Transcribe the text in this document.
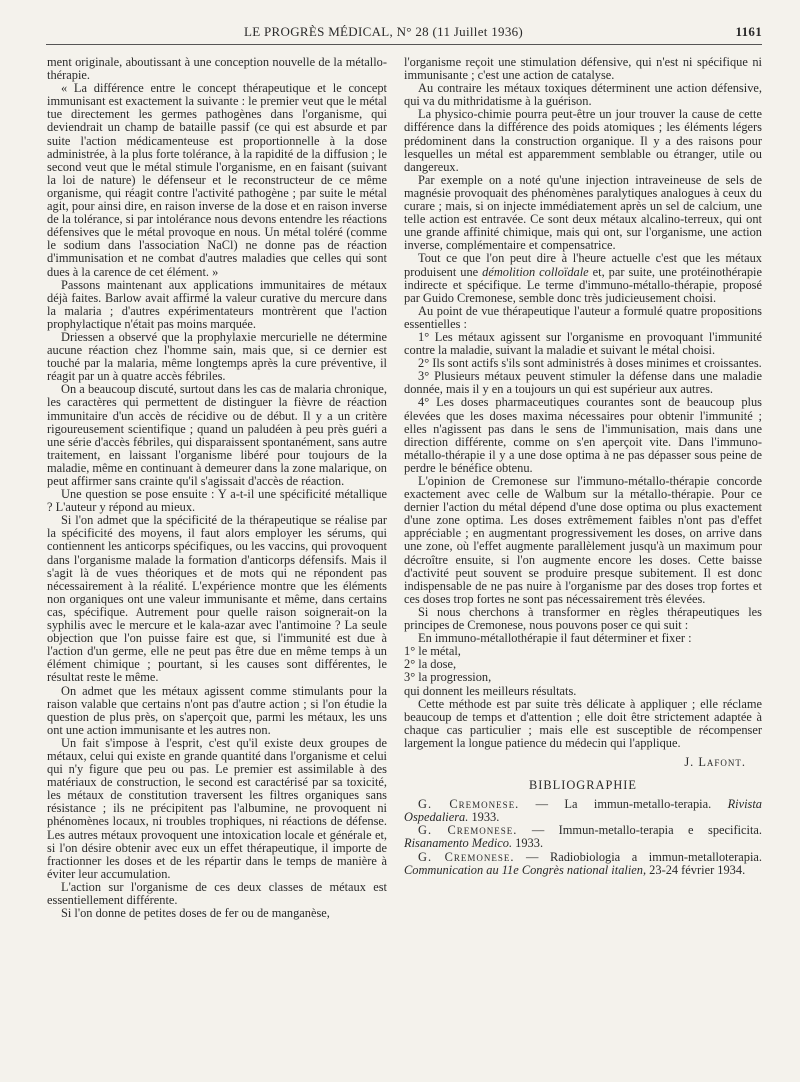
LE PROGRÈS MÉDICAL, N° 28 (11 Juillet 1936)	1161

ment originale, aboutissant à une conception nouvelle de la métallo-thérapie.

« La différence entre le concept thérapeutique et le concept immunisant est exactement la suivante : le premier veut que le métal tue directement les germes pathogènes dans l'organisme, qui deviendrait un champ de bataille passif (ce qui est absurde et par suite l'action médicamenteuse est proportionnelle à la dose administrée, à la plus forte tolérance, à la rapidité de la diffusion ; le second veut que le métal stimule l'organisme, en en faisant (suivant la loi de nature) le défenseur et le reconstructeur de ce même organisme, qui réagit contre l'activité pathogène ; par suite le métal agit, pour ainsi dire, en raison inverse de la dose et en raison inverse de la tolérance, si par intolérance nous devons entendre les réactions défensives que le métal provoque en nous. Un métal toléré (comme le sodium dans l'association NaCl) ne donne pas de réaction d'immunisation et ne combat d'autres maladies que celles qui sont dues à la carence de cet élément. »

Passons maintenant aux applications immunitaires de métaux déjà faites. Barlow avait affirmé la valeur curative du mercure dans la malaria ; d'autres expérimentateurs montrèrent que l'action prophylactique n'était pas moins marquée.

Driessen a observé que la prophylaxie mercurielle ne détermine aucune réaction chez l'homme sain, mais que, si ce dernier est touché par la malaria, même longtemps après la cure préventive, il réagit par un à quatre accès fébriles.

On a beaucoup discuté, surtout dans les cas de malaria chronique, les caractères qui permettent de distinguer la fièvre de réaction immunitaire d'un accès de récidive ou de début. Il y a un critère rigoureusement scientifique ; quand un paludéen à peu près guéri a une série d'accès fébriles, qui disparaissent spontanément, sans autre traitement, en laissant l'organisme libéré pour toujours de la maladie, même en continuant à demeurer dans la zone malarique, on peut affirmer sans crainte qu'il s'agissait d'accès de réaction.

Une question se pose ensuite : Y a-t-il une spécificité métallique ? L'auteur y répond au mieux.

Si l'on admet que la spécificité de la thérapeutique se réalise par la spécificité des moyens, il faut alors employer les sérums, qui contiennent les anticorps spécifiques, ou les vaccins, qui provoquent dans l'organisme malade la formation d'anticorps défensifs. Mais il s'agit là de vues théoriques et de mots qui ne répondent pas nécessairement à la réalité. L'expérience montre que les éléments non organiques ont une valeur immunisante et même, dans certains cas, spécifique. Autrement pour quelle raison soignerait-on la syphilis avec le mercure et le kala-azar avec l'antimoine ? La seule objection que l'on puisse faire est que, si l'immunité est due à l'action d'un germe, elle ne peut pas être due en même temps à un élément chimique ; pourtant, si les causes sont différentes, le résultat reste le même.

On admet que les métaux agissent comme stimulants pour la raison valable que certains n'ont pas d'autre action ; si l'on étudie la question de plus près, on s'aperçoit que, parmi les métaux, les uns ont une action immunisante et les autres non.

Un fait s'impose à l'esprit, c'est qu'il existe deux groupes de métaux, celui qui existe en grande quantité dans l'organisme et celui qui n'y figure que peu ou pas. Le premier est assimilable à des matériaux de construction, le second est caractérisé par sa toxicité, les métaux de constitution traversent les filtres organiques sans résistance ; ils ne précipitent pas l'albumine, ne provoquent ni phénomènes locaux, ni troubles trophiques, ni réactions de défense. Les autres métaux provoquent une intoxication locale et générale et, si l'on désire obtenir avec eux un effet thérapeutique, il importe de fractionner les doses et de les répartir dans le temps de manière à éviter leur accumulation.

L'action sur l'organisme de ces deux classes de métaux est essentiellement différente.

Si l'on donne de petites doses de fer ou de manganèse,

l'organisme reçoit une stimulation défensive, qui n'est ni spécifique ni immunisante ; c'est une action de catalyse.

Au contraire les métaux toxiques déterminent une action défensive, qui va du mithridatisme à la guérison.

La physico-chimie pourra peut-être un jour trouver la cause de cette différence dans la différence des poids atomiques ; les éléments légers prédominent dans la construction organique. Il y a des raisons pour lesquelles un métal est apparemment semblable ou étranger, utile ou dangereux.

Par exemple on a noté qu'une injection intraveineuse de sels de magnésie provoquait des phénomènes paralytiques analogues à ceux du curare ; mais, si on injecte immédiatement après un sel de calcium, une telle action est entravée. Ce sont deux métaux alcalino-terreux, qui ont une grande affinité chimique, mais qui ont, sur l'organisme, une action inverse, complémentaire et compensatrice.

Tout ce que l'on peut dire à l'heure actuelle c'est que les métaux produisent une démolition colloïdale et, par suite, une protéinothérapie indirecte et spécifique. Le terme d'immuno-métallo-thérapie, proposé par Guido Cremonese, semble donc très judicieusement choisi.

Au point de vue thérapeutique l'auteur a formulé quatre propositions essentielles :

1° Les métaux agissent sur l'organisme en provoquant l'immunité contre la maladie, suivant la maladie et suivant le métal choisi.

2° Ils sont actifs s'ils sont administrés à doses minimes et croissantes.

3° Plusieurs métaux peuvent stimuler la défense dans une maladie donnée, mais il y en a toujours un qui est supérieur aux autres.

4° Les doses pharmaceutiques courantes sont de beaucoup plus élevées que les doses maxima nécessaires pour obtenir l'immunité ; elles n'agissent pas dans le sens de l'immunisation, mais dans une direction différente, comme on s'en aperçoit vite. Dans l'immuno-métallo-thérapie il y a une dose optima à ne pas dépasser sous peine de perdre le bénéfice obtenu.

L'opinion de Cremonese sur l'immuno-métallo-thérapie concorde exactement avec celle de Walbum sur la métallo-thérapie. Pour ce dernier l'action du métal dépend d'une dose optima ou plus exactement d'une zone optima. Les doses extrêmement faibles n'ont pas d'effet appréciable ; en augmentant progressivement les doses, on arrive dans une zone, où l'effet augmente parallèlement jusqu'à un maximum pour décroître ensuite, si l'on augmente encore les doses. Cette baisse d'activité peut souvent se produire presque subitement. Il est donc indispensable de ne pas nuire à l'organisme par des doses trop fortes et ces doses trop fortes ne sont pas nécessairement très élevées.

Si nous cherchons à transformer en règles thérapeutiques les principes de Cremonese, nous pouvons poser ce qui suit :

En immuno-métallothérapie il faut déterminer et fixer :

1° le métal,

2° la dose,

3° la progression,

qui donnent les meilleurs résultats.

Cette méthode est par suite très délicate à appliquer ; elle réclame beaucoup de temps et d'attention ; elle doit être strictement adaptée à chaque cas particulier ; mais elle est susceptible de récompenser largement la longue patience du médecin qui l'applique.

J. Lafont.

BIBLIOGRAPHIE

G. Cremonese. — La immun-metallo-terapia. Rivista Ospedaliera. 1933.

G. Cremonese. — Immun-metallo-terapia e specificita. Risanamento Medico. 1933.

G. Cremonese. — Radiobiologia a immun-metalloterapia. Communication au 11e Congrès national italien, 23-24 février 1934.
